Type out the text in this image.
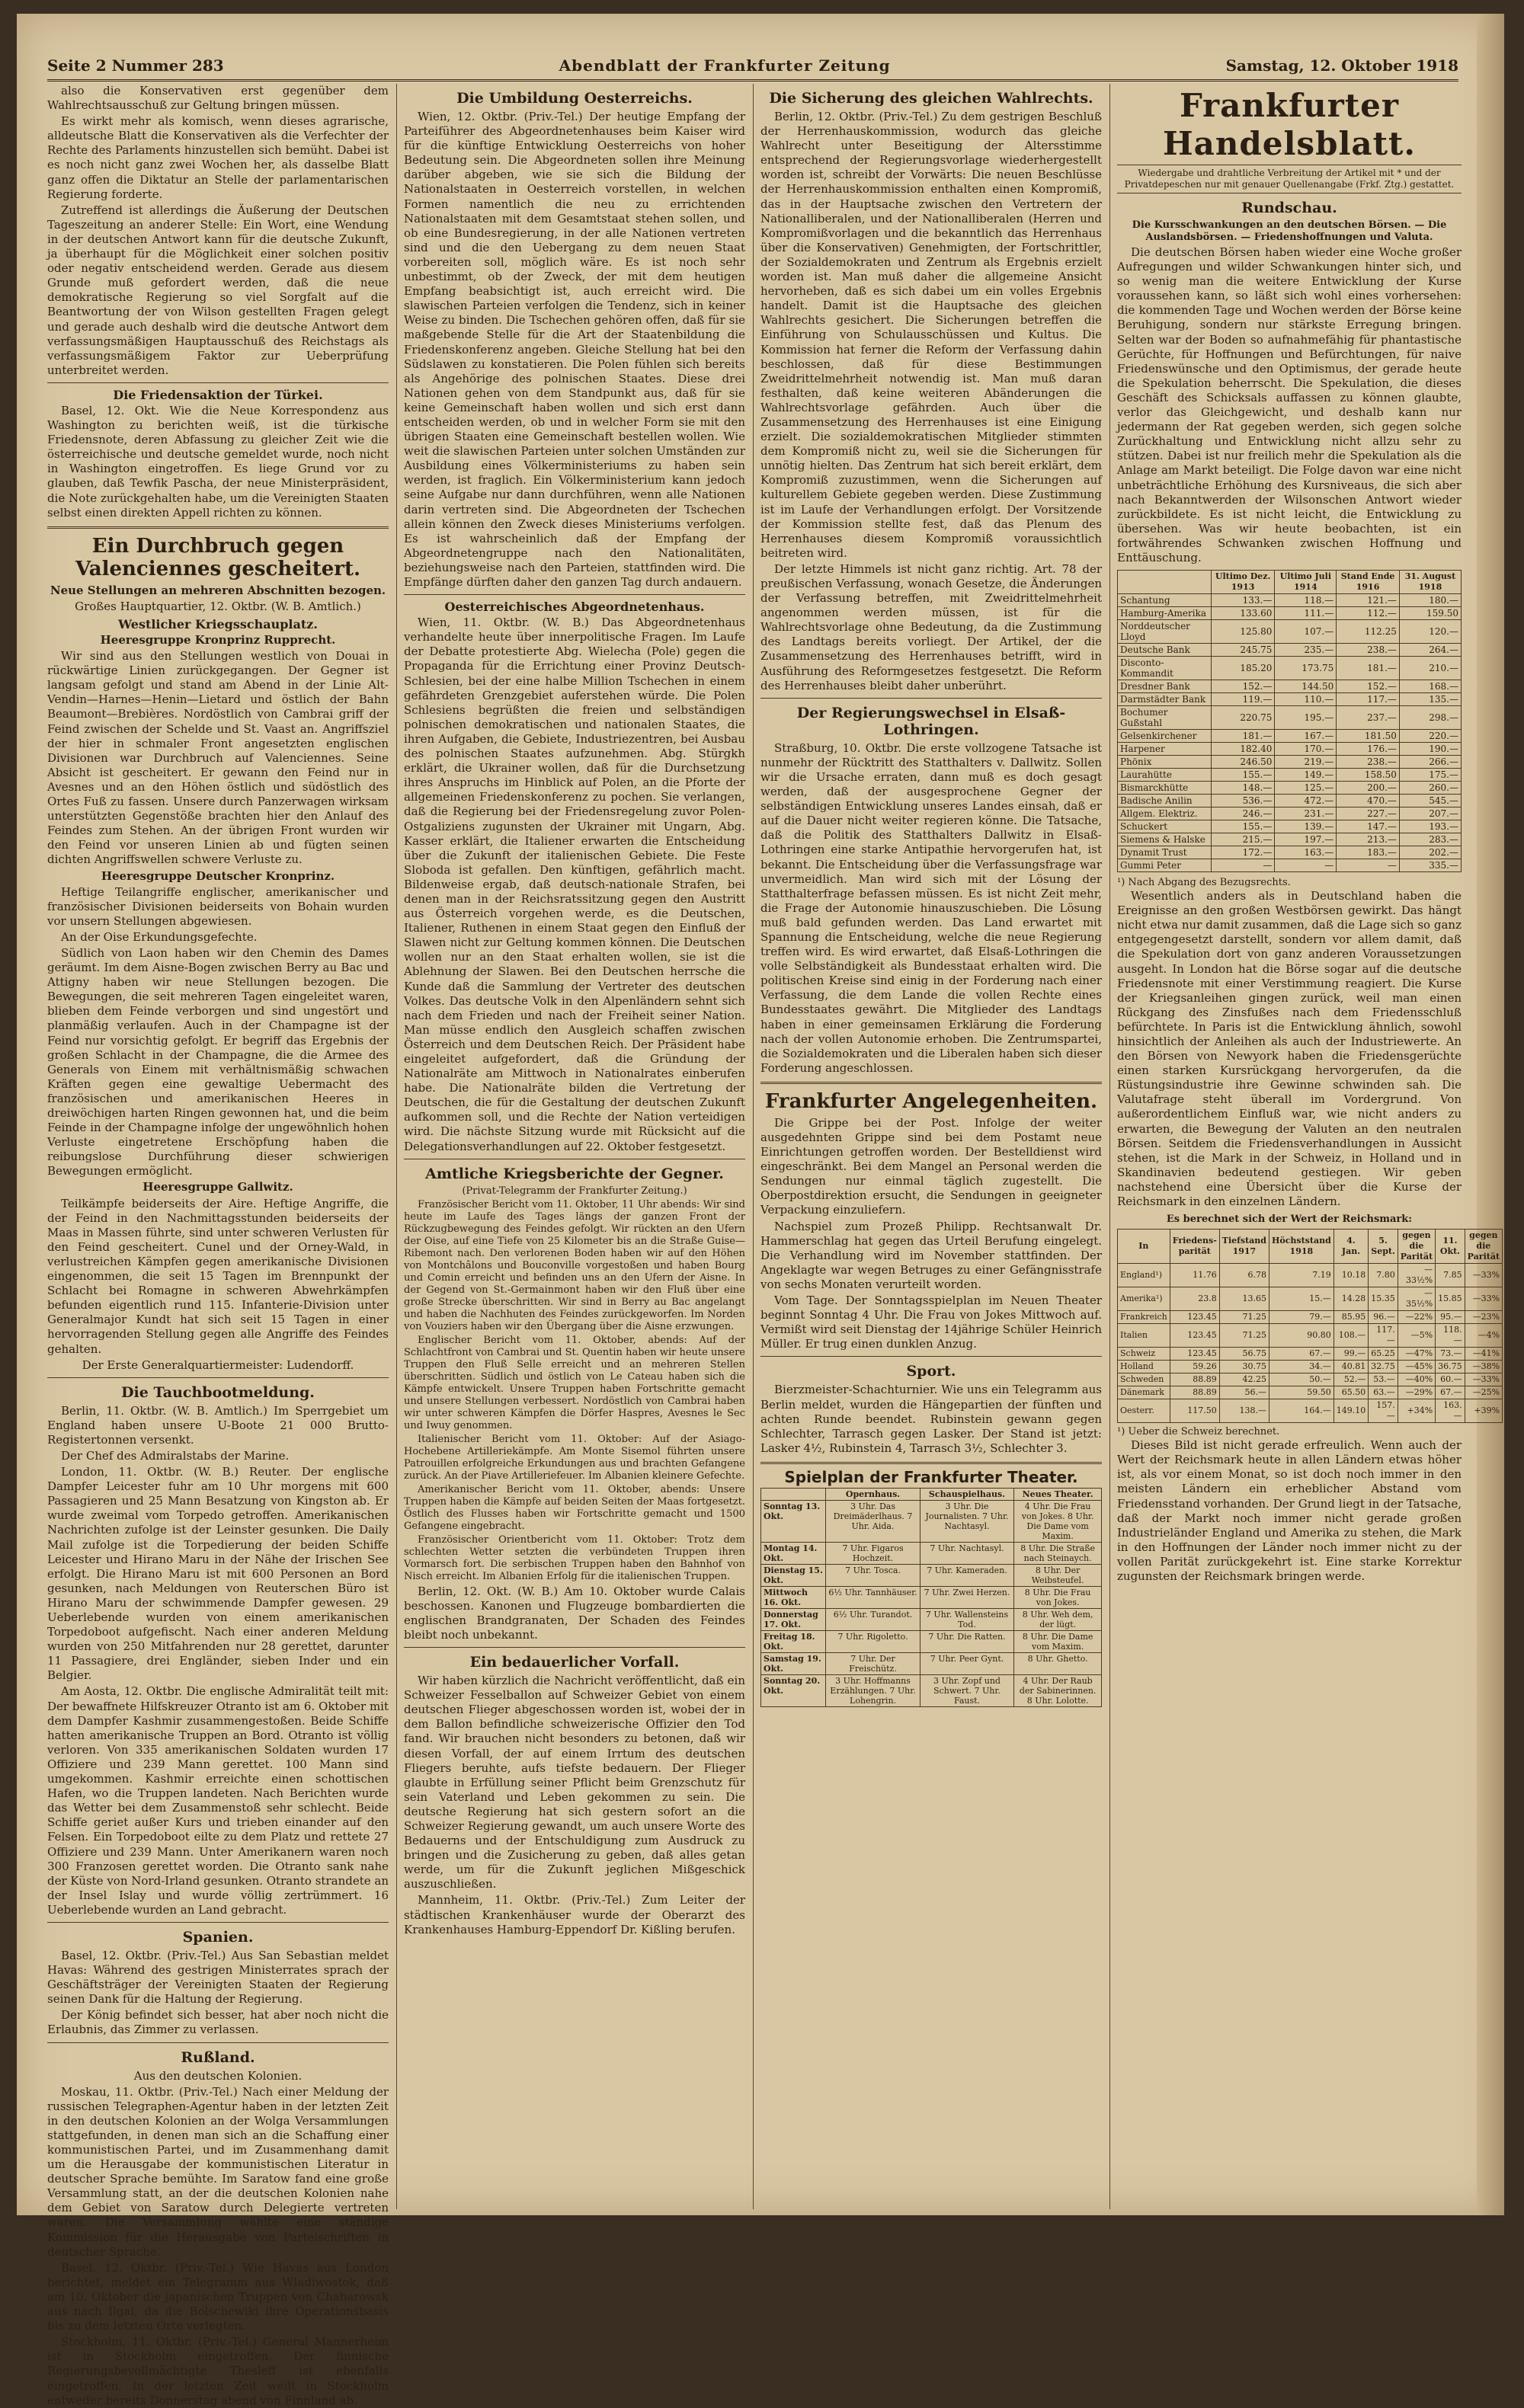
Seite 2 Nummer 283	Abendblatt der Frankfurter Zeitung	Samstag, 12. Oktober 1918

also die Konservativen erst gegenüber dem Wahlrechtsausschuß zur Geltung bringen müssen.

Es wirkt mehr als komisch, wenn dieses agrarische, alldeutsche Blatt die Konservativen als die Verfechter der Rechte des Parlaments hinzustellen sich bemüht. Dabei ist es noch nicht ganz zwei Wochen her, als dasselbe Blatt ganz offen die Diktatur an Stelle der parlamentarischen Regierung forderte.

Zutreffend ist allerdings die Äußerung der Deutschen Tageszeitung an anderer Stelle: Ein Wort, eine Wendung in der deutschen Antwort kann für die deutsche Zukunft, ja überhaupt für die Möglichkeit einer solchen positiv oder negativ entscheidend werden. Gerade aus diesem Grunde muß gefordert werden, daß die neue demokratische Regierung so viel Sorgfalt auf die Beantwortung der von Wilson gestellten Fragen gelegt und gerade auch deshalb wird die deutsche Antwort dem verfassungsmäßigen Hauptausschuß des Reichstags als verfassungsmäßigem Faktor zur Ueberprüfung unterbreitet werden.

Die Friedensaktion der Türkei.

Basel, 12. Okt. Wie die Neue Korrespondenz aus Washington zu berichten weiß, ist die türkische Friedensnote, deren Abfassung zu gleicher Zeit wie die österreichische und deutsche gemeldet wurde, noch nicht in Washington eingetroffen. Es liege Grund vor zu glauben, daß Tewfik Pascha, der neue Ministerpräsident, die Note zurückgehalten habe, um die Vereinigten Staaten selbst einen direkten Appell richten zu können.

Ein Durchbruch gegen Valenciennes gescheitert.
Neue Stellungen an mehreren Abschnitten bezogen.
Großes Hauptquartier, 12. Oktbr. (W. B. Amtlich.)
Westlicher Kriegsschauplatz.
Heeresgruppe Kronprinz Rupprecht.

Wir sind aus den Stellungen westlich von Douai in rückwärtige Linien zurückgegangen. Der Gegner ist langsam gefolgt und stand am Abend in der Linie Alt-Vendin—Harnes—Henin—Lietard und östlich der Bahn Beaumont—Brebières. Nordöstlich von Cambrai griff der Feind zwischen der Schelde und St. Vaast an. Angriffsziel der hier in schmaler Front angesetzten englischen Divisionen war Durchbruch auf Valenciennes. Seine Absicht ist gescheitert. Er gewann den Feind nur in Avesnes und an den Höhen östlich und südöstlich des Ortes Fuß zu fassen. Unsere durch Panzerwagen wirksam unterstützten Gegenstöße brachten hier den Anlauf des Feindes zum Stehen. An der übrigen Front wurden wir den Feind vor unseren Linien ab und fügten seinen dichten Angriffswellen schwere Verluste zu.

Heeresgruppe Deutscher Kronprinz.

Heftige Teilangriffe englischer, amerikanischer und französischer Divisionen beiderseits von Bohain wurden vor unsern Stellungen abgewiesen.

An der Oise Erkundungsgefechte.

Südlich von Laon haben wir den Chemin des Dames geräumt. Im dem Aisne-Bogen zwischen Berry au Bac und Attigny haben wir neue Stellungen bezogen. Die Bewegungen, die seit mehreren Tagen eingeleitet waren, blieben dem Feinde verborgen und sind ungestört und planmäßig verlaufen. Auch in der Champagne ist der Feind nur vorsichtig gefolgt. Er begriff das Ergebnis der großen Schlacht in der Champagne, die die Armee des Generals von Einem mit verhältnismäßig schwachen Kräften gegen eine gewaltige Uebermacht des französischen und amerikanischen Heeres in dreiwöchigen harten Ringen gewonnen hat, und die beim Feinde in der Champagne infolge der ungewöhnlich hohen Verluste eingetretene Erschöpfung haben die reibungslose Durchführung dieser schwierigen Bewegungen ermöglicht.

Heeresgruppe Gallwitz.

Teilkämpfe beiderseits der Aire. Heftige Angriffe, die der Feind in den Nachmittagsstunden beiderseits der Maas in Massen führte, sind unter schweren Verlusten für den Feind gescheitert. Cunel und der Orney-Wald, in verlustreichen Kämpfen gegen amerikanische Divisionen eingenommen, die seit 15 Tagen im Brennpunkt der Schlacht bei Romagne in schweren Abwehrkämpfen befunden eigentlich rund 115. Infanterie-Division unter Generalmajor Kundt hat sich seit 15 Tagen in einer hervorragenden Stellung gegen alle Angriffe des Feindes gehalten.

Der Erste Generalquartiermeister: Ludendorff.
Die Tauchbootmeldung.

Berlin, 11. Oktbr. (W. B. Amtlich.) Im Sperrgebiet um England haben unsere U-Boote 21 000 Brutto-Registertonnen versenkt.

Der Chef des Admiralstabs der Marine.

London, 11. Oktbr. (W. B.) Reuter. Der englische Dampfer Leicester fuhr am 10 Uhr morgens mit 600 Passagieren und 25 Mann Besatzung von Kingston ab. Er wurde zweimal vom Torpedo getroffen. Amerikanischen Nachrichten zufolge ist der Leinster gesunken. Die Daily Mail zufolge ist die Torpedierung der beiden Schiffe Leicester und Hirano Maru in der Nähe der Irischen See erfolgt. Die Hirano Maru ist mit 600 Personen an Bord gesunken, nach Meldungen von Reuterschen Büro ist Hirano Maru der schwimmende Dampfer gewesen. 29 Ueberlebende wurden von einem amerikanischen Torpedoboot aufgefischt. Nach einer anderen Meldung wurden von 250 Mitfahrenden nur 28 gerettet, darunter 11 Passagiere, drei Engländer, sieben Inder und ein Belgier.

Am Aosta, 12. Oktbr. Die englische Admiralität teilt mit: Der bewaffnete Hilfskreuzer Otranto ist am 6. Oktober mit dem Dampfer Kashmir zusammengestoßen. Beide Schiffe hatten amerikanische Truppen an Bord. Otranto ist völlig verloren. Von 335 amerikanischen Soldaten wurden 17 Offiziere und 239 Mann gerettet. 100 Mann sind umgekommen. Kashmir erreichte einen schottischen Hafen, wo die Truppen landeten. Nach Berichten wurde das Wetter bei dem Zusammenstoß sehr schlecht. Beide Schiffe geriet außer Kurs und trieben einander auf den Felsen. Ein Torpedoboot eilte zu dem Platz und rettete 27 Offiziere und 239 Mann. Unter Amerikanern waren noch 300 Franzosen gerettet worden. Die Otranto sank nahe der Küste von Nord-Irland gesunken. Otranto strandete an der Insel Islay und wurde völlig zertrümmert. 16 Ueberlebende wurden an Land gebracht.

Spanien.

Basel, 12. Oktbr. (Priv.-Tel.) Aus San Sebastian meldet Havas: Während des gestrigen Ministerrates sprach der Geschäftsträger der Vereinigten Staaten der Regierung seinen Dank für die Haltung der Regierung.

Der König befindet sich besser, hat aber noch nicht die Erlaubnis, das Zimmer zu verlassen.

Rußland.
Aus den deutschen Kolonien.

Moskau, 11. Oktbr. (Priv.-Tel.) Nach einer Meldung der russischen Telegraphen-Agentur haben in der letzten Zeit in den deutschen Kolonien an der Wolga Versammlungen stattgefunden, in denen man sich an die Schaffung einer kommunistischen Partei, und im Zusammenhang damit um die Herausgabe der kommunistischen Literatur in deutscher Sprache bemühte. Im Saratow fand eine große Versammlung statt, an der die deutschen Kolonien nahe dem Gebiet von Saratow durch Delegierte vertreten waren. Die Versammlung wählte eine ständige Kommission für die Herausgabe von Parteischriften in deutscher Sprache.

Basel, 12. Oktbr. (Priv.-Tel.) Wie Havas aus London berichtet, meldet ein Telegramm aus Wladiwostok, daß am 10. Oktober die japanischen Truppen von Chabarowsk aus nach Ilgai, da die Bolschewiki ihre Operationsbasis bis zu dem letzten Orte verlegten.

Stockholm, 11. Oktbr. (Priv.-Tel.) General Mannerheim ist in Stockholm eingetroffen. Der finnische Regierungsbevollmächtigte Thesleff ist ebenfalls eingetroffen. In der letzten Zeit weilt in Stockholm entweder bereits Donnerstag abend von Finnland ab.

Die Umbildung Oesterreichs.

Wien, 12. Oktbr. (Priv.-Tel.) Der heutige Empfang der Parteiführer des Abgeordnetenhauses beim Kaiser wird für die künftige Entwicklung Oesterreichs von hoher Bedeutung sein. Die Abgeordneten sollen ihre Meinung darüber abgeben, wie sie sich die Bildung der Nationalstaaten in Oesterreich vorstellen, in welchen Formen namentlich die neu zu errichtenden Nationalstaaten mit dem Gesamtstaat stehen sollen, und ob eine Bundesregierung, in der alle Nationen vertreten sind und die den Uebergang zu dem neuen Staat vorbereiten soll, möglich wäre. Es ist noch sehr unbestimmt, ob der Zweck, der mit dem heutigen Empfang beabsichtigt ist, auch erreicht wird. Die slawischen Parteien verfolgen die Tendenz, sich in keiner Weise zu binden. Die Tschechen gehören offen, daß für sie maßgebende Stelle für die Art der Staatenbildung die Friedenskonferenz angeben. Gleiche Stellung hat bei den Südslawen zu konstatieren. Die Polen fühlen sich bereits als Angehörige des polnischen Staates. Diese drei Nationen gehen von dem Standpunkt aus, daß für sie keine Gemeinschaft haben wollen und sich erst dann entscheiden werden, ob und in welcher Form sie mit den übrigen Staaten eine Gemeinschaft bestellen wollen. Wie weit die slawischen Parteien unter solchen Umständen zur Ausbildung eines Völkerministeriums zu haben sein werden, ist fraglich. Ein Völkerministerium kann jedoch seine Aufgabe nur dann durchführen, wenn alle Nationen darin vertreten sind. Die Abgeordneten der Tschechen allein können den Zweck dieses Ministeriums verfolgen. Es ist wahrscheinlich daß der Empfang der Abgeordnetengruppe nach den Nationalitäten, beziehungsweise nach den Parteien, stattfinden wird. Die Empfänge dürften daher den ganzen Tag durch andauern.

Oesterreichisches Abgeordnetenhaus.

Wien, 11. Oktbr. (W. B.) Das Abgeordnetenhaus verhandelte heute über innerpolitische Fragen. Im Laufe der Debatte protestierte Abg. Wielecha (Pole) gegen die Propaganda für die Errichtung einer Provinz Deutsch-Schlesien, bei der eine halbe Million Tschechen in einem gefährdeten Grenzgebiet auferstehen würde. Die Polen Schlesiens begrüßten die freien und selbständigen polnischen demokratischen und nationalen Staates, die ihren Aufgaben, die Gebiete, Industriezentren, bei Ausbau des polnischen Staates aufzunehmen. Abg. Stürgkh erklärt, die Ukrainer wollen, daß für die Durchsetzung ihres Anspruchs im Hinblick auf Polen, an die Pforte der allgemeinen Friedenskonferenz zu pochen. Sie verlangen, daß die Regierung bei der Friedensregelung zuvor Polen-Ostgaliziens zugunsten der Ukrainer mit Ungarn, Abg. Kasser erklärt, die Italiener erwarten die Entscheidung über die Zukunft der italienischen Gebiete. Die Feste Sloboda ist gefallen. Den künftigen, gefährlich macht. Bildenweise ergab, daß deutsch-nationale Strafen, bei denen man in der Reichsratssitzung gegen den Austritt aus Österreich vorgehen werde, es die Deutschen, Italiener, Ruthenen in einem Staat gegen den Einfluß der Slawen nicht zur Geltung kommen können. Die Deutschen wollen nur an den Staat erhalten wollen, sie ist die Ablehnung der Slawen. Bei den Deutschen herrsche die Kunde daß die Sammlung der Vertreter des deutschen Volkes. Das deutsche Volk in den Alpenländern sehnt sich nach dem Frieden und nach der Freiheit seiner Nation. Man müsse endlich den Ausgleich schaffen zwischen Österreich und dem Deutschen Reich. Der Präsident habe eingeleitet aufgefordert, daß die Gründung der Nationalräte am Mittwoch in Nationalrates einberufen habe. Die Nationalräte bilden die Vertretung der Deutschen, die für die Gestaltung der deutschen Zukunft aufkommen soll, und die Rechte der Nation verteidigen wird. Die nächste Sitzung wurde mit Rücksicht auf die Delegationsverhandlungen auf 22. Oktober festgesetzt.

Amtliche Kriegsberichte der Gegner.
(Privat-Telegramm der Frankfurter Zeitung.)

Französischer Bericht vom 11. Oktober, 11 Uhr abends: Wir sind heute im Laufe des Tages längs der ganzen Front der Rückzugbewegung des Feindes gefolgt. Wir rückten an den Ufern der Oise, auf eine Tiefe von 25 Kilometer bis an die Straße Guise—Ribemont nach. Den verlorenen Boden haben wir auf den Höhen von Montchâlons und Bouconville vorgestoßen und haben Bourg und Comin erreicht und befinden uns an den Ufern der Aisne. In der Gegend von St.-Germainmont haben wir den Fluß über eine große Strecke überschritten. Wir sind in Berry au Bac angelangt und haben die Nachhuten des Feindes zurückgeworfen. Im Norden von Vouziers haben wir den Übergang über die Aisne erzwungen.

Englischer Bericht vom 11. Oktober, abends: Auf der Schlachtfront von Cambrai und St. Quentin haben wir heute unsere Truppen den Fluß Selle erreicht und an mehreren Stellen überschritten. Südlich und östlich von Le Cateau haben sich die Kämpfe entwickelt. Unsere Truppen haben Fortschritte gemacht und unsere Stellungen verbessert. Nordöstlich von Cambrai haben wir unter schweren Kämpfen die Dörfer Haspres, Avesnes le Sec und Iwuy genommen.

Italienischer Bericht vom 11. Oktober: Auf der Asiago-Hochebene Artilleriekämpfe. Am Monte Sisemol führten unsere Patrouillen erfolgreiche Erkundungen aus und brachten Gefangene zurück. An der Piave Artilleriefeuer. Im Albanien kleinere Gefechte.

Amerikanischer Bericht vom 11. Oktober, abends: Unsere Truppen haben die Kämpfe auf beiden Seiten der Maas fortgesetzt. Östlich des Flusses haben wir Fortschritte gemacht und 1500 Gefangene eingebracht.

Französischer Orientbericht vom 11. Oktober: Trotz dem schlechten Wetter setzten die verbündeten Truppen ihren Vormarsch fort. Die serbischen Truppen haben den Bahnhof von Nisch erreicht. Im Albanien Erfolg für die italienischen Truppen.

Berlin, 12. Okt. (W. B.) Am 10. Oktober wurde Calais beschossen. Kanonen und Flugzeuge bombardierten die englischen Brandgranaten, Der Schaden des Feindes bleibt noch unbekannt.

Ein bedauerlicher Vorfall.

Wir haben kürzlich die Nachricht veröffentlicht, daß ein Schweizer Fesselballon auf Schweizer Gebiet von einem deutschen Flieger abgeschossen worden ist, wobei der in dem Ballon befindliche schweizerische Offizier den Tod fand. Wir brauchen nicht besonders zu betonen, daß wir diesen Vorfall, der auf einem Irrtum des deutschen Fliegers beruhte, aufs tiefste bedauern. Der Flieger glaubte in Erfüllung seiner Pflicht beim Grenzschutz für sein Vaterland und Leben gekommen zu sein. Die deutsche Regierung hat sich gestern sofort an die Schweizer Regierung gewandt, um auch unsere Worte des Bedauerns und der Entschuldigung zum Ausdruck zu bringen und die Zusicherung zu geben, daß alles getan werde, um für die Zukunft jeglichen Mißgeschick auszuschließen.

Mannheim, 11. Oktbr. (Priv.-Tel.) Zum Leiter der städtischen Krankenhäuser wurde der Oberarzt des Krankenhauses Hamburg-Eppendorf Dr. Kißling berufen.

Die Sicherung des gleichen Wahlrechts.

Berlin, 12. Oktbr. (Priv.-Tel.) Zu dem gestrigen Beschluß der Herrenhauskommission, wodurch das gleiche Wahlrecht unter Beseitigung der Altersstimme entsprechend der Regierungsvorlage wiederhergestellt worden ist, schreibt der Vorwärts: Die neuen Beschlüsse der Herrenhauskommission enthalten einen Kompromiß, das in der Hauptsache zwischen den Vertretern der Nationalliberalen, und der Nationalliberalen (Herren und Kompromißvorlagen und die bekanntlich das Herrenhaus über die Konservativen) Genehmigten, der Fortschrittler, der Sozialdemokraten und Zentrum als Ergebnis erzielt worden ist. Man muß daher die allgemeine Ansicht hervorheben, daß es sich dabei um ein volles Ergebnis handelt. Damit ist die Hauptsache des gleichen Wahlrechts gesichert. Die Sicherungen betreffen die Einführung von Schulausschüssen und Kultus. Die Kommission hat ferner die Reform der Verfassung dahin beschlossen, daß für diese Bestimmungen Zweidrittelmehrheit notwendig ist. Man muß daran festhalten, daß keine weiteren Abänderungen die Wahlrechtsvorlage gefährden. Auch über die Zusammensetzung des Herrenhauses ist eine Einigung erzielt. Die sozialdemokratischen Mitglieder stimmten dem Kompromiß nicht zu, weil sie die Sicherungen für unnötig hielten. Das Zentrum hat sich bereit erklärt, dem Kompromiß zuzustimmen, wenn die Sicherungen auf kulturellem Gebiete gegeben werden. Diese Zustimmung ist im Laufe der Verhandlungen erfolgt. Der Vorsitzende der Kommission stellte fest, daß das Plenum des Herrenhauses diesem Kompromiß voraussichtlich beitreten wird.

Der letzte Himmels ist nicht ganz richtig. Art. 78 der preußischen Verfassung, wonach Gesetze, die Änderungen der Verfassung betreffen, mit Zweidrittelmehrheit angenommen werden müssen, ist für die Wahlrechtsvorlage ohne Bedeutung, da die Zustimmung des Landtags bereits vorliegt. Der Artikel, der die Zusammensetzung des Herrenhauses betrifft, wird in Ausführung des Reformgesetzes festgesetzt. Die Reform des Herrenhauses bleibt daher unberührt.

Der Regierungswechsel in Elsaß-Lothringen.

Straßburg, 10. Oktbr. Die erste vollzogene Tatsache ist nunmehr der Rücktritt des Statthalters v. Dallwitz. Sollen wir die Ursache erraten, dann muß es doch gesagt werden, daß der ausgesprochene Gegner der selbständigen Entwicklung unseres Landes einsah, daß er auf die Dauer nicht weiter regieren könne. Die Tatsache, daß die Politik des Statthalters Dallwitz in Elsaß-Lothringen eine starke Antipathie hervorgerufen hat, ist bekannt. Die Entscheidung über die Verfassungsfrage war unvermeidlich. Man wird sich mit der Lösung der Statthalterfrage befassen müssen. Es ist nicht Zeit mehr, die Frage der Autonomie hinauszuschieben. Die Lösung muß bald gefunden werden. Das Land erwartet mit Spannung die Entscheidung, welche die neue Regierung treffen wird. Es wird erwartet, daß Elsaß-Lothringen die volle Selbständigkeit als Bundesstaat erhalten wird. Die politischen Kreise sind einig in der Forderung nach einer Verfassung, die dem Lande die vollen Rechte eines Bundesstaates gewährt. Die Mitglieder des Landtags haben in einer gemeinsamen Erklärung die Forderung nach der vollen Autonomie erhoben. Die Zentrumspartei, die Sozialdemokraten und die Liberalen haben sich dieser Forderung angeschlossen.

Frankfurter Angelegenheiten.

Die Grippe bei der Post. Infolge der weiter ausgedehnten Grippe sind bei dem Postamt neue Einrichtungen getroffen worden. Der Bestelldienst wird eingeschränkt. Bei dem Mangel an Personal werden die Sendungen nur einmal täglich zugestellt. Die Oberpostdirektion ersucht, die Sendungen in geeigneter Verpackung einzuliefern.

Nachspiel zum Prozeß Philipp. Rechtsanwalt Dr. Hammerschlag hat gegen das Urteil Berufung eingelegt. Die Verhandlung wird im November stattfinden. Der Angeklagte war wegen Betruges zu einer Gefängnisstrafe von sechs Monaten verurteilt worden.

Vom Tage. Der Sonntagsspielplan im Neuen Theater beginnt Sonntag 4 Uhr. Die Frau von Jokes Mittwoch auf. Vermißt wird seit Dienstag der 14jährige Schüler Heinrich Müller. Er trug einen dunklen Anzug.

Sport.

Bierzmeister-Schachturnier. Wie uns ein Telegramm aus Berlin meldet, wurden die Hängepartien der fünften und achten Runde beendet. Rubinstein gewann gegen Schlechter, Tarrasch gegen Lasker. Der Stand ist jetzt: Lasker 4½, Rubinstein 4, Tarrasch 3½, Schlechter 3.

Spielplan der Frankfurter Theater.
	Opernhaus.	Schauspielhaus.	Neues Theater.
Sonntag 13. Okt.	3 Uhr. Das Dreimäderlhaus. 7 Uhr. Aida.	3 Uhr. Die Journalisten. 7 Uhr. Nachtasyl.	4 Uhr. Die Frau von Jokes. 8 Uhr. Die Dame vom Maxim.
Montag 14. Okt.	7 Uhr. Figaros Hochzeit.	7 Uhr. Nachtasyl.	8 Uhr. Die Straße nach Steinaych.
Dienstag 15. Okt.	7 Uhr. Tosca.	7 Uhr. Kameraden.	8 Uhr. Der Weibsteufel.
Mittwoch 16. Okt.	6½ Uhr. Tannhäuser.	7 Uhr. Zwei Herzen.	8 Uhr. Die Frau von Jokes.
Donnerstag 17. Okt.	6½ Uhr. Turandot.	7 Uhr. Wallensteins Tod.	8 Uhr. Weh dem, der lügt.
Freitag 18. Okt.	7 Uhr. Rigoletto.	7 Uhr. Die Ratten.	8 Uhr. Die Dame vom Maxim.
Samstag 19. Okt.	7 Uhr. Der Freischütz.	7 Uhr. Peer Gynt.	8 Uhr. Ghetto.
Sonntag 20. Okt.	3 Uhr. Hoffmanns Erzählungen. 7 Uhr. Lohengrin.	3 Uhr. Zopf und Schwert. 7 Uhr. Faust.	4 Uhr. Der Raub der Sabinerinnen. 8 Uhr. Lolotte.
Frankfurter Handelsblatt.
Wiedergabe und drahtliche Verbreitung der Artikel mit * und der Privatdepeschen nur mit genauer Quellenangabe (Frkf. Ztg.) gestattet.
Rundschau.
Die Kursschwankungen an den deutschen Börsen. — Die Auslandsbörsen. — Friedenshoffnungen und Valuta.

Die deutschen Börsen haben wieder eine Woche großer Aufregungen und wilder Schwankungen hinter sich, und so wenig man die weitere Entwicklung der Kurse voraussehen kann, so läßt sich wohl eines vorhersehen: die kommenden Tage und Wochen werden der Börse keine Beruhigung, sondern nur stärkste Erregung bringen. Selten war der Boden so aufnahmefähig für phantastische Gerüchte, für Hoffnungen und Befürchtungen, für naive Friedenswünsche und den Optimismus, der gerade heute die Spekulation beherrscht. Die Spekulation, die dieses Geschäft des Schicksals auffassen zu können glaubte, verlor das Gleichgewicht, und deshalb kann nur jedermann der Rat gegeben werden, sich gegen solche Zurückhaltung und Entwicklung nicht allzu sehr zu stützen. Dabei ist nur freilich mehr die Spekulation als die Anlage am Markt beteiligt. Die Folge davon war eine nicht unbeträchtliche Erhöhung des Kursniveaus, die sich aber nach Bekanntwerden der Wilsonschen Antwort wieder zurückbildete. Es ist nicht leicht, die Entwicklung zu übersehen. Was wir heute beobachten, ist ein fortwährendes Schwanken zwischen Hoffnung und Enttäuschung.

	Ultimo Dez. 1913	Ultimo Juli 1914	Stand Ende 1916	31. August 1918
Schantung	133.—	118.—	121.—	180.—
Hamburg-Amerika	133.60	111.—	112.—	159.50
Norddeutscher Lloyd	125.80	107.—	112.25	120.—
Deutsche Bank	245.75	235.—	238.—	264.—
Disconto-Kommandit	185.20	173.75	181.—	210.—
Dresdner Bank	152.—	144.50	152.—	168.—
Darmstädter Bank	119.—	110.—	117.—	135.—
Bochumer Gußstahl	220.75	195.—	237.—	298.—
Gelsenkirchener	181.—	167.—	181.50	220.—
Harpener	182.40	170.—	176.—	190.—
Phönix	246.50	219.—	238.—	266.—
Laurahütte	155.—	149.—	158.50	175.—
Bismarckhütte	148.—	125.—	200.—	260.—
Badische Anilin	536.—	472.—	470.—	545.—
Allgem. Elektriz.	246.—	231.—	227.—	207.—
Schuckert	155.—	139.—	147.—	193.—
Siemens & Halske	215.—	197.—	213.—	283.—
Dynamit Trust	172.—	163.—	183.—	202.—
Gummi Peter	—	—	—	335.—
¹) Nach Abgang des Bezugsrechts.

Wesentlich anders als in Deutschland haben die Ereignisse an den großen Westbörsen gewirkt. Das hängt nicht etwa nur damit zusammen, daß die Lage sich so ganz entgegengesetzt darstellt, sondern vor allem damit, daß die Spekulation dort von ganz anderen Voraussetzungen ausgeht. In London hat die Börse sogar auf die deutsche Friedensnote mit einer Verstimmung reagiert. Die Kurse der Kriegsanleihen gingen zurück, weil man einen Rückgang des Zinsfußes nach dem Friedensschluß befürchtete. In Paris ist die Entwicklung ähnlich, sowohl hinsichtlich der Anleihen als auch der Industriewerte. An den Börsen von Newyork haben die Friedensgerüchte einen starken Kursrückgang hervorgerufen, da die Rüstungsindustrie ihre Gewinne schwinden sah. Die Valutafrage steht überall im Vordergrund. Von außerordentlichem Einfluß war, wie nicht anders zu erwarten, die Bewegung der Valuten an den neutralen Börsen. Seitdem die Friedensverhandlungen in Aussicht stehen, ist die Mark in der Schweiz, in Holland und in Skandinavien bedeutend gestiegen. Wir geben nachstehend eine Übersicht über die Kurse der Reichsmark in den einzelnen Ländern.

Es berechnet sich der Wert der Reichsmark:
In	Friedens-parität	Tiefstand 1917	Höchststand 1918	4. Jan.	5. Sept.	gegen die Parität	11. Okt.	gegen die Parität
England¹)	11.76	6.78	7.19	10.18	7.80	—33½%	7.85	—33%
Amerika¹)	23.8	13.65	15.—	14.28	15.35	—35½%	15.85	—33%
Frankreich	123.45	71.25	79.—	85.95	96.—	—22%	95.—	—23%
Italien	123.45	71.25	90.80	108.—	117.—	—5%	118.—	—4%
Schweiz	123.45	56.75	67.—	99.—	65.25	—47%	73.—	—41%
Holland	59.26	30.75	34.—	40.81	32.75	—45%	36.75	—38%
Schweden	88.89	42.25	50.—	52.—	53.—	—40%	60.—	—33%
Dänemark	88.89	56.—	59.50	65.50	63.—	—29%	67.—	—25%
Oesterr.	117.50	138.—	164.—	149.10	157.—	+34%	163.—	+39%
¹) Ueber die Schweiz berechnet.

Dieses Bild ist nicht gerade erfreulich. Wenn auch der Wert der Reichsmark heute in allen Ländern etwas höher ist, als vor einem Monat, so ist doch noch immer in den meisten Ländern ein erheblicher Abstand vom Friedensstand vorhanden. Der Grund liegt in der Tatsache, daß der Markt noch immer nicht gerade großen Industrieländer England und Amerika zu stehen, die Mark in den Hoffnungen der Länder noch immer nicht zu der vollen Parität zurückgekehrt ist. Eine starke Korrektur zugunsten der Reichsmark bringen werde.
